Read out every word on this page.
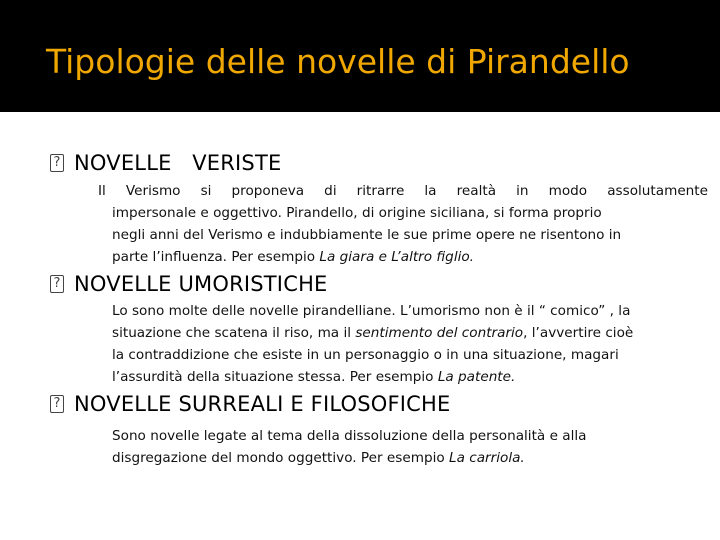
Tipologie delle novelle di Pirandello
?
NOVELLE   VERISTE
Il Verismo si proponeva di ritrarre la realtà in modo assolutamente
impersonale e oggettivo. Pirandello, di origine siciliana, si forma proprio
negli anni del Verismo e indubbiamente le sue prime opere ne risentono in
parte l’influenza. Per esempio La giara e L’altro figlio.
?
NOVELLE UMORISTICHE
Lo sono molte delle novelle pirandelliane. L’umorismo non è il “ comico” , la
situazione che scatena il riso, ma il sentimento del contrario, l’avvertire cioè
la contraddizione che esiste in un personaggio o in una situazione, magari
l’assurdità della situazione stessa. Per esempio La patente.
?
NOVELLE SURREALI E FILOSOFICHE
Sono novelle legate al tema della dissoluzione della personalità e alla
disgregazione del mondo oggettivo. Per esempio La carriola.
